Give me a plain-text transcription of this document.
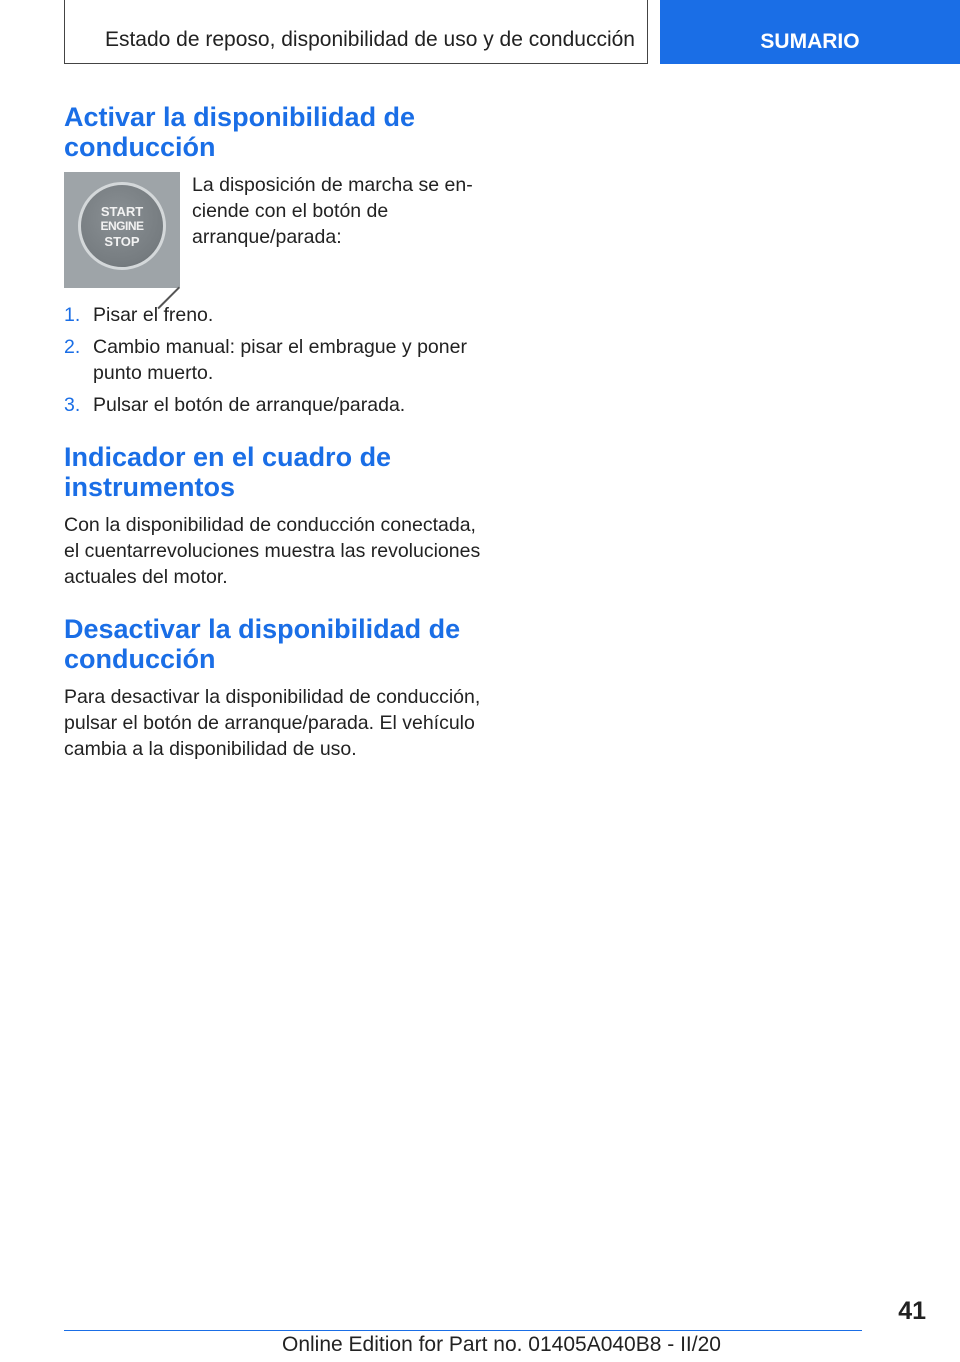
Estado de reposo, disponibilidad de uso y de conducción	SUMARIO
Activar la disponibilidad de conducción
START
ENGINE
STOP

La disposición de marcha se enciende con el botón de arranque/parada:

1. Pisar el freno.
2. Cambio manual: pisar el embrague y poner punto muerto.
3. Pulsar el botón de arranque/parada.
Indicador en el cuadro de instrumentos

Con la disponibilidad de conducción conectada, el cuentarrevoluciones muestra las revoluciones actuales del motor.

Desactivar la disponibilidad de conducción

Para desactivar la disponibilidad de conducción, pulsar el botón de arranque/parada. El vehículo cambia a la disponibilidad de uso.

41
Online Edition for Part no. 01405A040B8 - II/20
